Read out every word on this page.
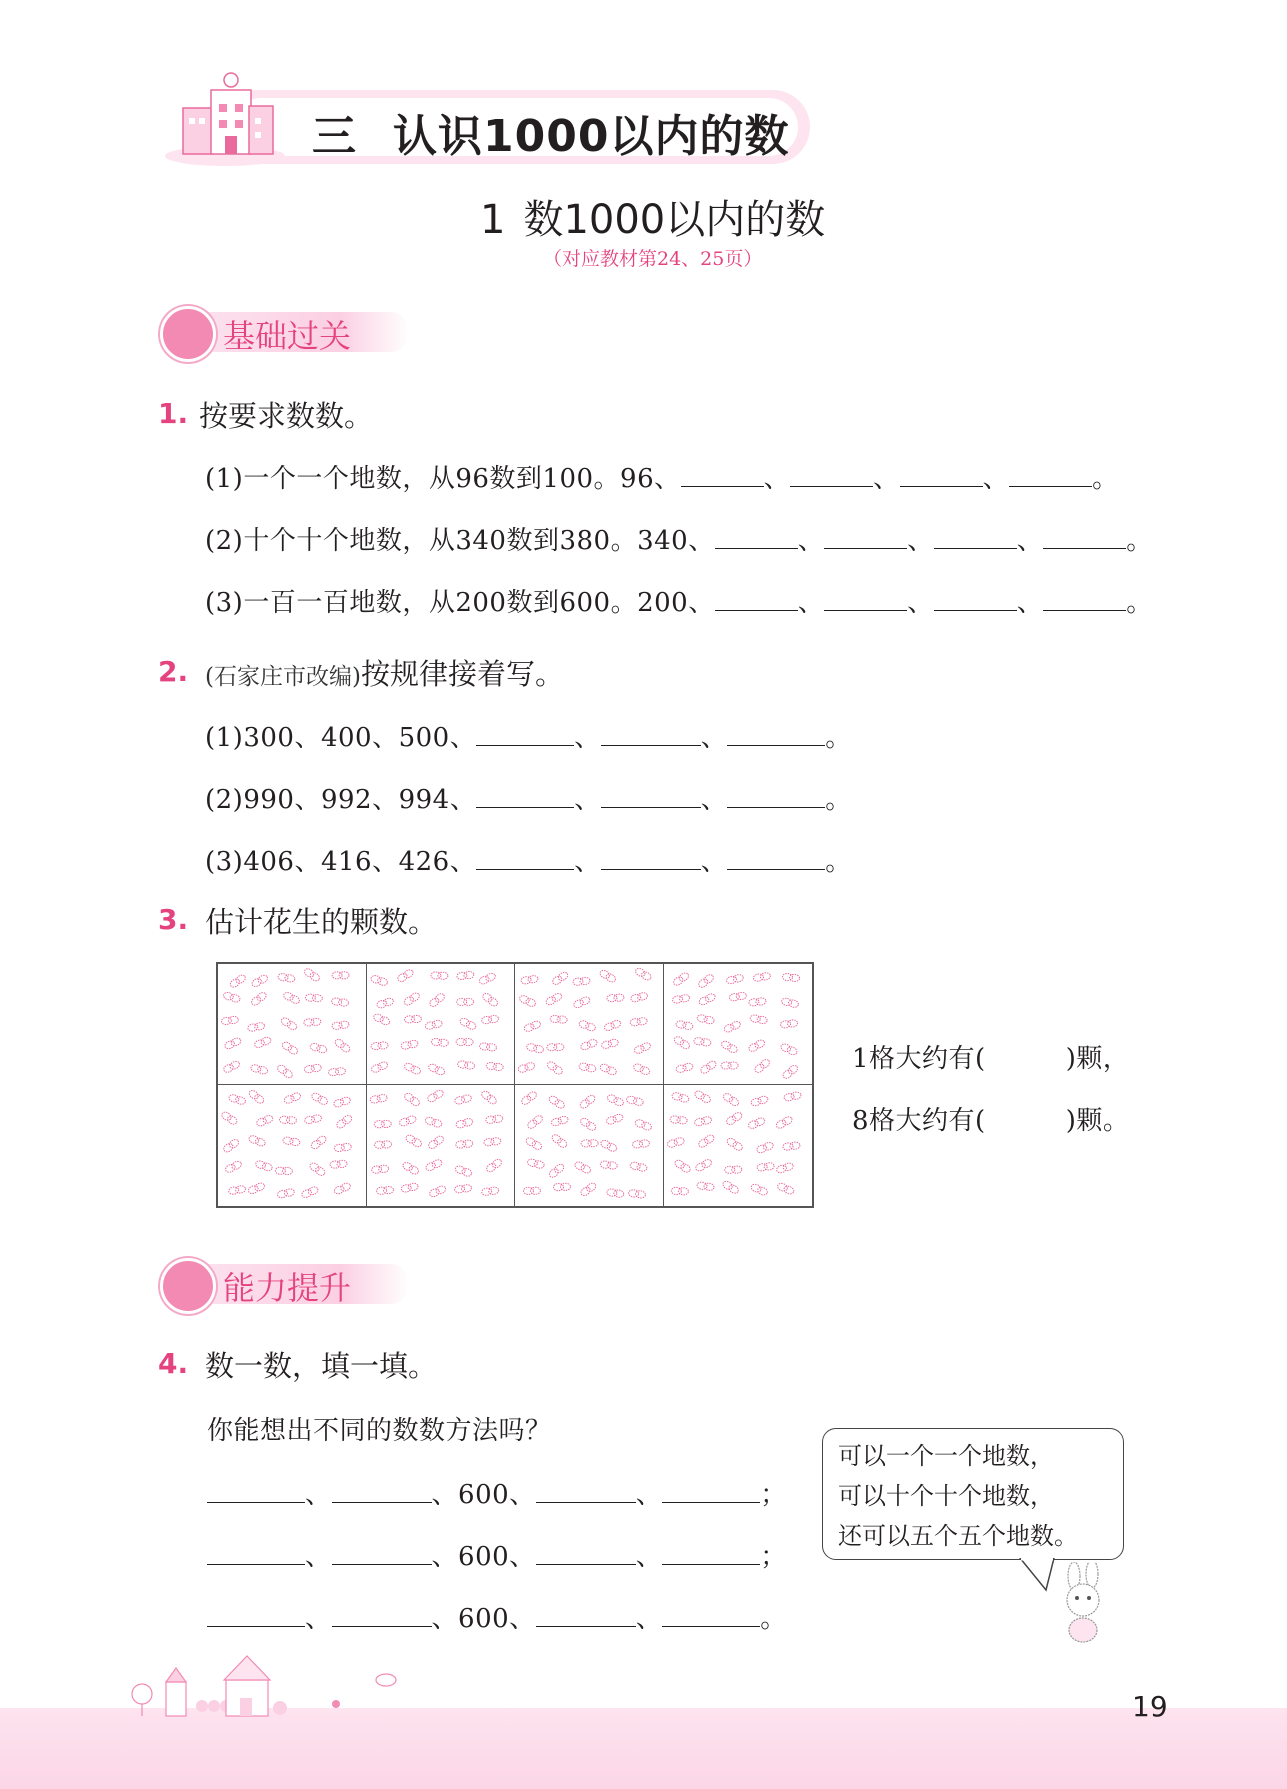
三 认识1000以内的数
1 数1000以内的数
（对应教材第24、25页）
基础过关
1. 按要求数数。
(1)一个一个地数，从96数到100。96、	、	、	、	。
(2)十个十个地数，从340数到380。340、	、	、	、	。
(3)一百一百地数，从200数到600。200、	、	、	、	。
2. (石家庄市改编)按规律接着写。
(1)300、400、500、	、	、	。
(2)990、992、994、	、	、	。
(3)406、416、426、	、	、	。
3. 估计花生的颗数。
1格大约有(	)颗，
8格大约有(	)颗。
能力提升
4. 数一数，填一填。
你能想出不同的数数方法吗？
、	、600、	、	；
、	、600、	、	；
、	、600、	、	。
可以一个一个地数，
可以十个十个地数，
还可以五个五个地数。
19
